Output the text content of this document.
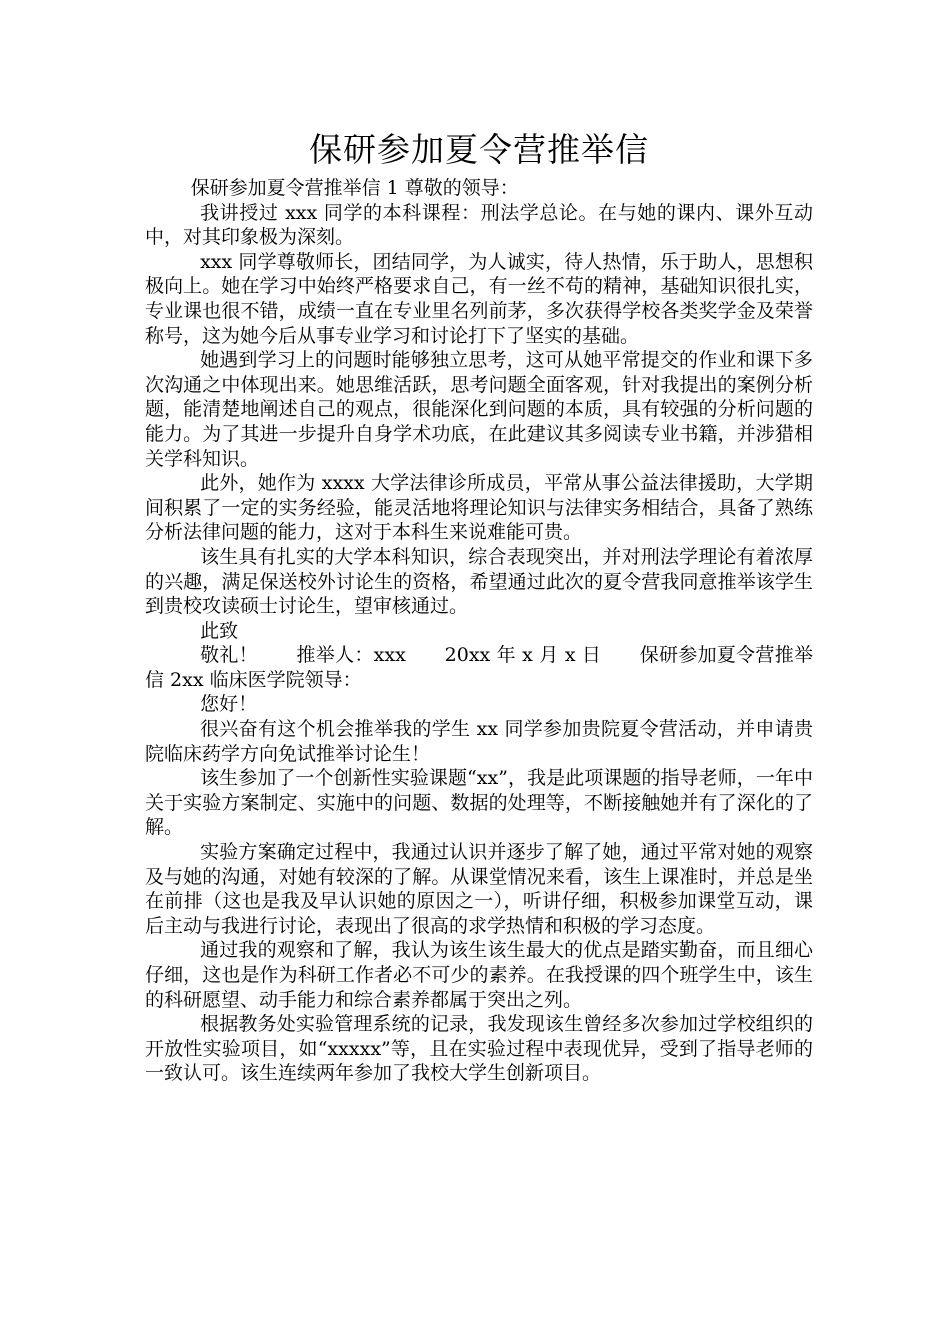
保研参加夏令营推举信

保研参加夏令营推举信 1 尊敬的领导：

我讲授过 xxx 同学的本科课程：刑法学总论。在与她的课内、课外互动中，对其印象极为深刻。

xxx 同学尊敬师长，团结同学，为人诚实，待人热情，乐于助人，思想积极向上。她在学习中始终严格要求自己，有一丝不苟的精神，基础知识很扎实，专业课也很不错，成绩一直在专业里名列前茅，多次获得学校各类奖学金及荣誉称号，这为她今后从事专业学习和讨论打下了坚实的基础。

她遇到学习上的问题时能够独立思考，这可从她平常提交的作业和课下多次沟通之中体现出来。她思维活跃，思考问题全面客观，针对我提出的案例分析题，能清楚地阐述自己的观点，很能深化到问题的本质，具有较强的分析问题的能力。为了其进一步提升自身学术功底，在此建议其多阅读专业书籍，并涉猎相关学科知识。

此外，她作为 xxxx 大学法律诊所成员，平常从事公益法律援助，大学期间积累了一定的实务经验，能灵活地将理论知识与法律实务相结合，具备了熟练分析法律问题的能力，这对于本科生来说难能可贵。

该生具有扎实的大学本科知识，综合表现突出，并对刑法学理论有着浓厚的兴趣，满足保送校外讨论生的资格，希望通过此次的夏令营我同意推举该学生到贵校攻读硕士讨论生，望审核通过。

此致

敬礼！　　推举人：xxx　　20xx 年 x 月 x 日　　保研参加夏令营推举信 2xx 临床医学院领导：

您好！

很兴奋有这个机会推举我的学生 xx 同学参加贵院夏令营活动，并申请贵院临床药学方向免试推举讨论生！

该生参加了一个创新性实验课题“xx”，我是此项课题的指导老师，一年中关于实验方案制定、实施中的问题、数据的处理等，不断接触她并有了深化的了解。

实验方案确定过程中，我通过认识并逐步了解了她，通过平常对她的观察及与她的沟通，对她有较深的了解。从课堂情况来看，该生上课准时，并总是坐在前排（这也是我及早认识她的原因之一），听讲仔细，积极参加课堂互动，课后主动与我进行讨论，表现出了很高的求学热情和积极的学习态度。

通过我的观察和了解，我认为该生该生最大的优点是踏实勤奋，而且细心仔细，这也是作为科研工作者必不可少的素养。在我授课的四个班学生中，该生的科研愿望、动手能力和综合素养都属于突出之列。

根据教务处实验管理系统的记录，我发现该生曾经多次参加过学校组织的开放性实验项目，如“xxxxx”等，且在实验过程中表现优异，受到了指导老师的一致认可。该生连续两年参加了我校大学生创新项目。
